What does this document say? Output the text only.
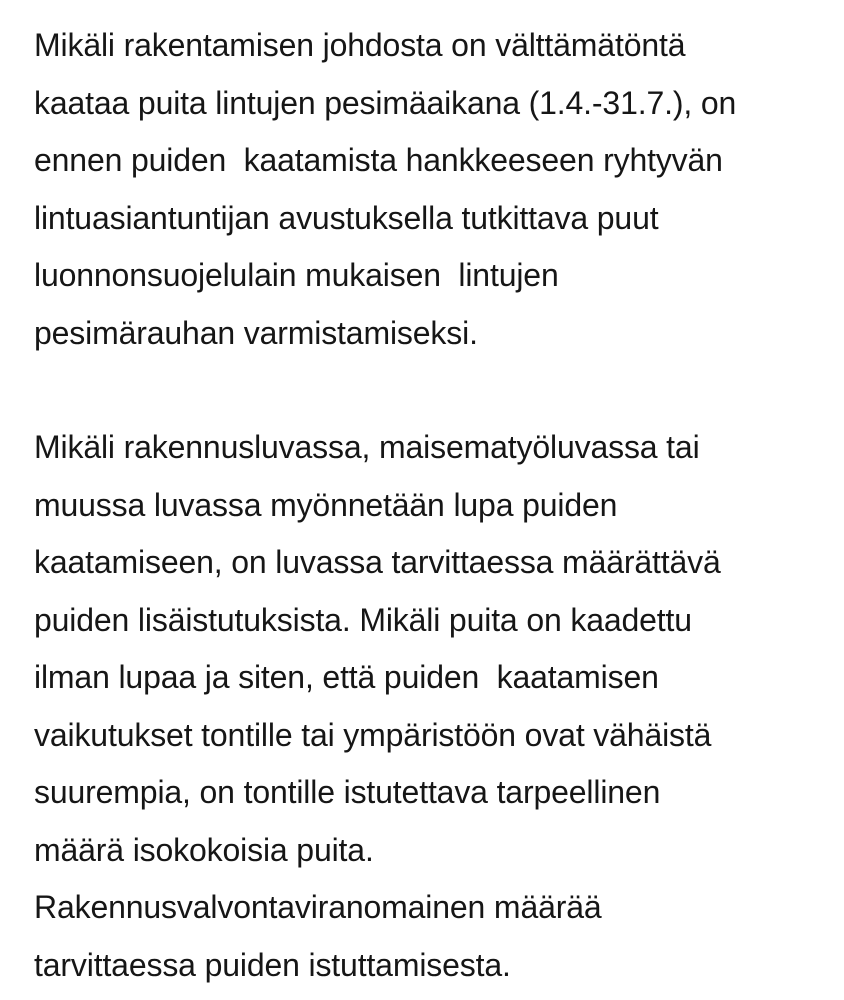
Mikäli rakentamisen johdosta on välttämätöntä
kaataa puita lintujen pesimäaikana (1.4.-31.7.), on
ennen puiden  kaatamista hankkeeseen ryhtyvän
lintuasiantuntijan avustuksella tutkittava puut
luonnonsuojelulain mukaisen  lintujen
pesimärauhan varmistamiseksi.

Mikäli rakennusluvassa, maisematyöluvassa tai
muussa luvassa myönnetään lupa puiden
kaatamiseen, on luvassa tarvittaessa määrättävä
puiden lisäistutuksista. Mikäli puita on kaadettu
ilman lupaa ja siten, että puiden  kaatamisen
vaikutukset tontille tai ympäristöön ovat vähäistä
suurempia, on tontille istutettava tarpeellinen
määrä isokokoisia puita.
Rakennusvalvontaviranomainen määrää
tarvittaessa puiden istuttamisesta.
